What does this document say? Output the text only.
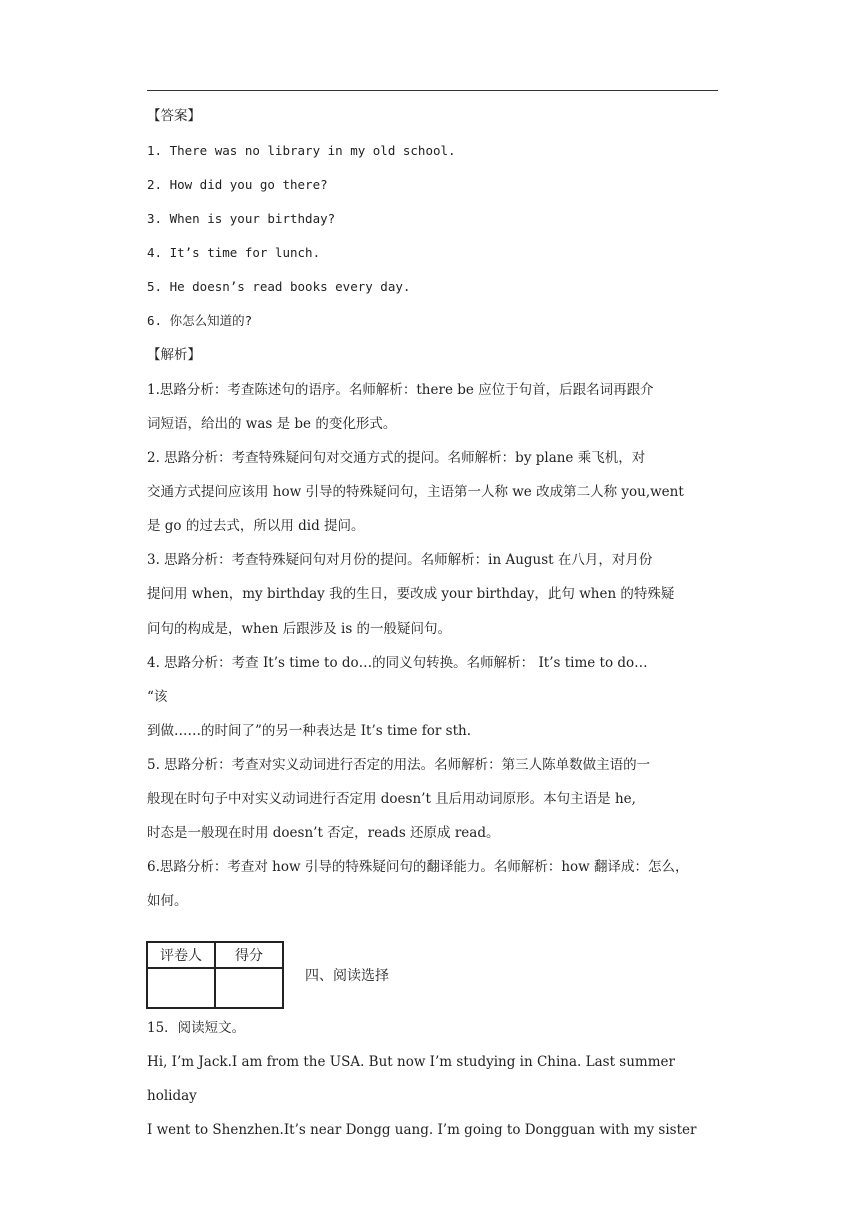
【答案】
1. There was no library in my old school.
2. How did you go there?
3. When is your birthday?
4. It’s time for lunch.
5. He doesn’s read books every day.
6. 你怎么知道的?
【解析】
1.思路分析：考查陈述句的语序。名师解析：there be 应位于句首，后跟名词再跟介
词短语，给出的 was 是 be 的变化形式。
2. 思路分析：考查特殊疑问句对交通方式的提问。名师解析：by plane 乘飞机，对
交通方式提问应该用 how 引导的特殊疑问句，主语第一人称 we 改成第二人称 you,went
是 go 的过去式，所以用 did 提问。
3. 思路分析：考查特殊疑问句对月份的提问。名师解析：in August 在八月，对月份
提问用 when，my birthday 我的生日，要改成 your birthday，此句 when 的特殊疑
问句的构成是，when 后跟涉及 is 的一般疑问句。
4. 思路分析：考查 It’s time to do…的同义句转换。名师解析： It’s time to do…
“该
到做……的时间了”的另一种表达是 It’s time for sth.
5. 思路分析：考查对实义动词进行否定的用法。名师解析：第三人陈单数做主语的一
般现在时句子中对实义动词进行否定用 doesn’t 且后用动词原形。本句主语是 he,
时态是一般现在时用 doesn’t 否定，reads 还原成 read。
6.思路分析：考查对 how 引导的特殊疑问句的翻译能力。名师解析：how 翻译成：怎么，
如何。
评卷人	得分

四、阅读选择
15．阅读短文。
Hi, I’m Jack.I am from the USA. But now I’m studying in China. Last summer
holiday
I went to Shenzhen.It’s near Dongg uang. I’m going to Dongguan with my sister
